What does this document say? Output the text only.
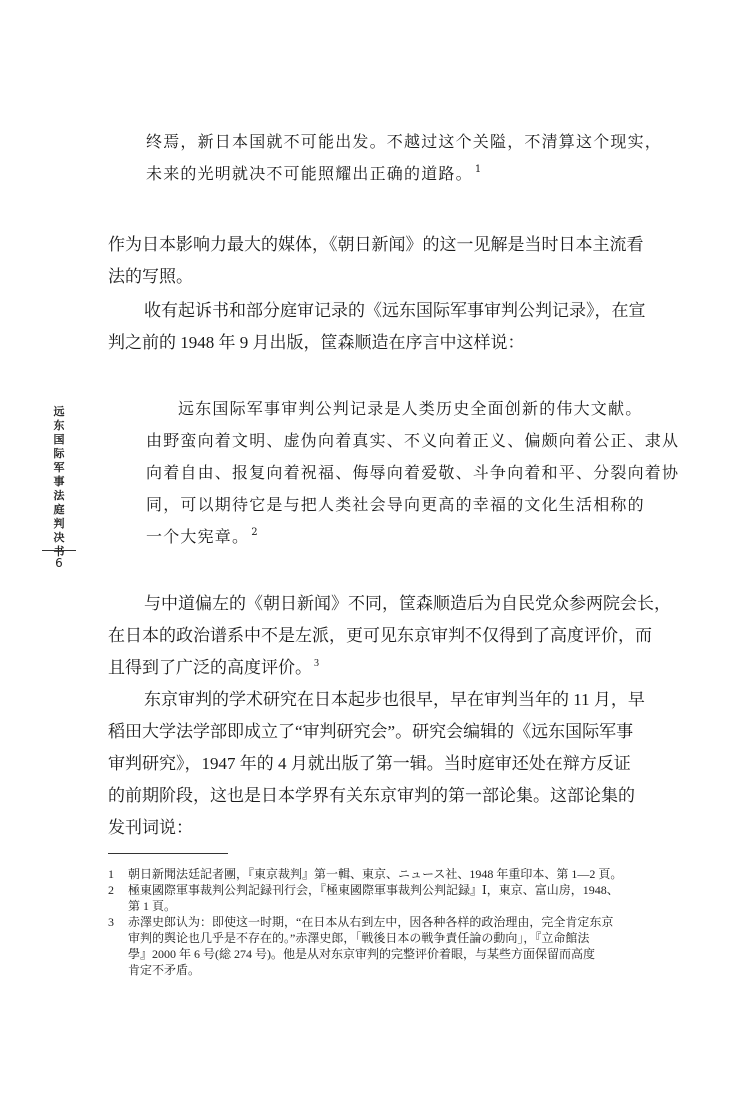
终焉，新日本国就不可能出发。不越过这个关隘，不清算这个现实，
未来的光明就决不可能照耀出正确的道路。 $^1$
作为日本影响力最大的媒体，《朝日新闻》的这一见解是当时日本主流看
法的写照。
收有起诉书和部分庭审记录的《远东国际军事审判公判记录》，在宣
判之前的 1948 年 9 月出版，筐森顺造在序言中这样说：
远东国际军事审判公判记录是人类历史全面创新的伟大文献。
由野蛮向着文明、虚伪向着真实、不义向着正义、偏颇向着公正、隶从
向着自由、报复向着祝福、侮辱向着爱敬、斗争向着和平、分裂向着协
同，可以期待它是与把人类社会导向更高的幸福的文化生活相称的
一个大宪章。 $^2$
与中道偏左的《朝日新闻》不同，筐森顺造后为自民党众参两院会长，
在日本的政治谱系中不是左派，更可见东京审判不仅得到了高度评价，而
且得到了广泛的高度评价。 $^3$
东京审判的学术研究在日本起步也很早，早在审判当年的 11 月，早
稻田大学法学部即成立了“审判研究会”。研究会编辑的《远东国际军事
审判研究》，1947 年的 4 月就出版了第一辑。当时庭审还处在辩方反证
的前期阶段，这也是日本学界有关东京审判的第一部论集。这部论集的
发刊词说：
远
东
国
际
军
事
法
庭
判
决
书
6
1 朝日新聞法廷記者團，『東京裁判』第一輯、東京、ニュース社、1948 年重印本、第 1—2 頁。
2 極東國際軍事裁判公判記録刊行会，『極東國際軍事裁判公判記録』Ⅰ，東京、富山房，1948、
第 1 頁。
3 赤澤史郎认为：即使这一时期，“在日本从右到左中，因各种各样的政治理由，完全肯定东京
审判的舆论也几乎是不存在的。”赤澤史郎，「戦後日本の戦争責任論の動向」，『立命館法
學』2000 年 6 号(総 274 号)。他是从对东京审判的完整评价着眼，与某些方面保留而高度
肯定不矛盾。
